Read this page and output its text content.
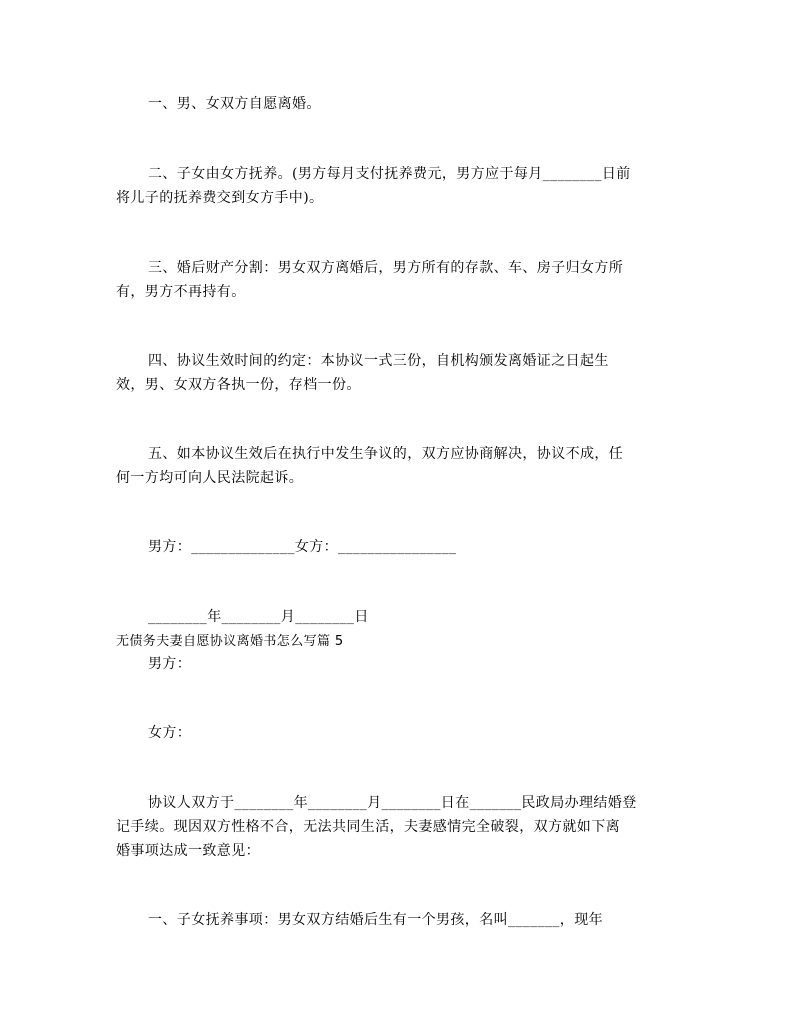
一、男、女双方自愿离婚。
二、子女由女方抚养。(男方每月支付抚养费元，男方应于每月________日前
将儿子的抚养费交到女方手中)。
三、婚后财产分割：男女双方离婚后，男方所有的存款、车、房子归女方所
有，男方不再持有。
四、协议生效时间的约定：本协议一式三份，自机构颁发离婚证之日起生
效，男、女双方各执一份，存档一份。
五、如本协议生效后在执行中发生争议的，双方应协商解决，协议不成，任
何一方均可向人民法院起诉。
男方：______________女方：________________
________年________月________日
无债务夫妻自愿协议离婚书怎么写篇 5
男方：
女方：
协议人双方于________年________月________日在_______民政局办理结婚登
记手续。现因双方性格不合，无法共同生活，夫妻感情完全破裂，双方就如下离
婚事项达成一致意见：
一、子女抚养事项：男女双方结婚后生有一个男孩，名叫_______，现年
